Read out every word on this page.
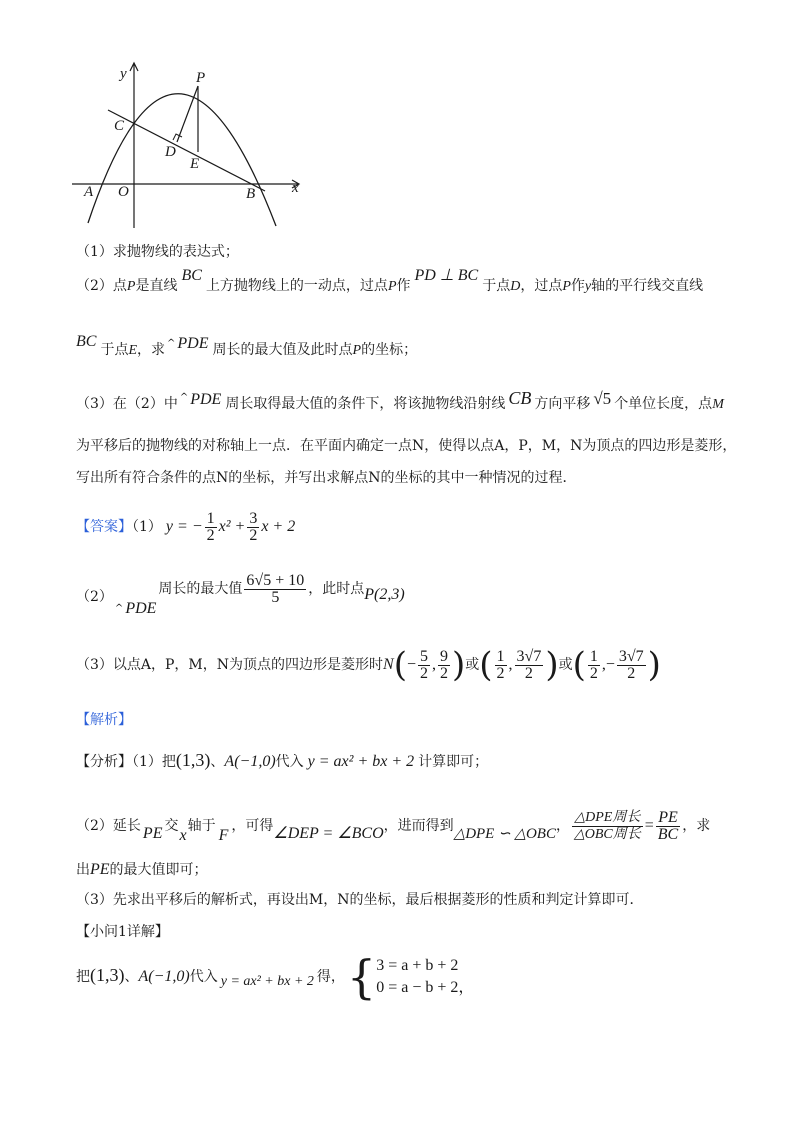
y
x
P
C
D
E
A O	B
（1）求抛物线的表达式；
（2）点P是直线BC上方抛物线上的一动点，过点P作PD ⊥ BC于点D，过点P作y轴的平行线交直线
BC 于点E，求 ^ PDE 周长的最大值及此时点P的坐标；
（3）在（2）中 ^ PDE 周长取得最大值的条件下，将该抛物线沿射线 CB 方向平移 √5 个单位长度，点M
为平移后的抛物线的对称轴上一点．在平面内确定一点N，使得以点A，P，M，N为顶点的四边形是菱形，
写出所有符合条件的点N的坐标，并写出求解点N的坐标的其中一种情况的过程．
【答案】（1） y = − $\frac{1}{2} x^2 + \frac{3}{2}$ x + 2
（2）^ PDE周长的最大值 $\frac{6√5 + 10}{5}$ ，此时点P(2,3)
（3）以点A，P，M，N为顶点的四边形是菱形时$N(- \frac{5}{2}$ , $\frac{9}{2}$ )或( $\frac{1}{2}$ , $\frac{3√7}{2}$ )或( $\frac{1}{2}$ ,− $\frac{3√7}{2}$ )
【解析】
【分析】（1）把(1,3)、A(−1,0)代入 y = ax² + bx + 2 计算即可；
（2）延长 PE 交x轴于F，可得∠DEP = ∠BCO，进而得到△DPE ∽ △OBC， $\frac{\text{△DPE周长}}{\text{△OBC周长}} = \frac{PE}{BC}$ ，求
出PE的最大值即可；
（3）先求出平移后的解析式，再设出M，N的坐标，最后根据菱形的性质和判定计算即可．
【小问1详解】
把(1,3)、A(−1,0)代入 y = ax² + bx + 2 得，{ 3 = a + b + 2
0 = a − b + 2，
